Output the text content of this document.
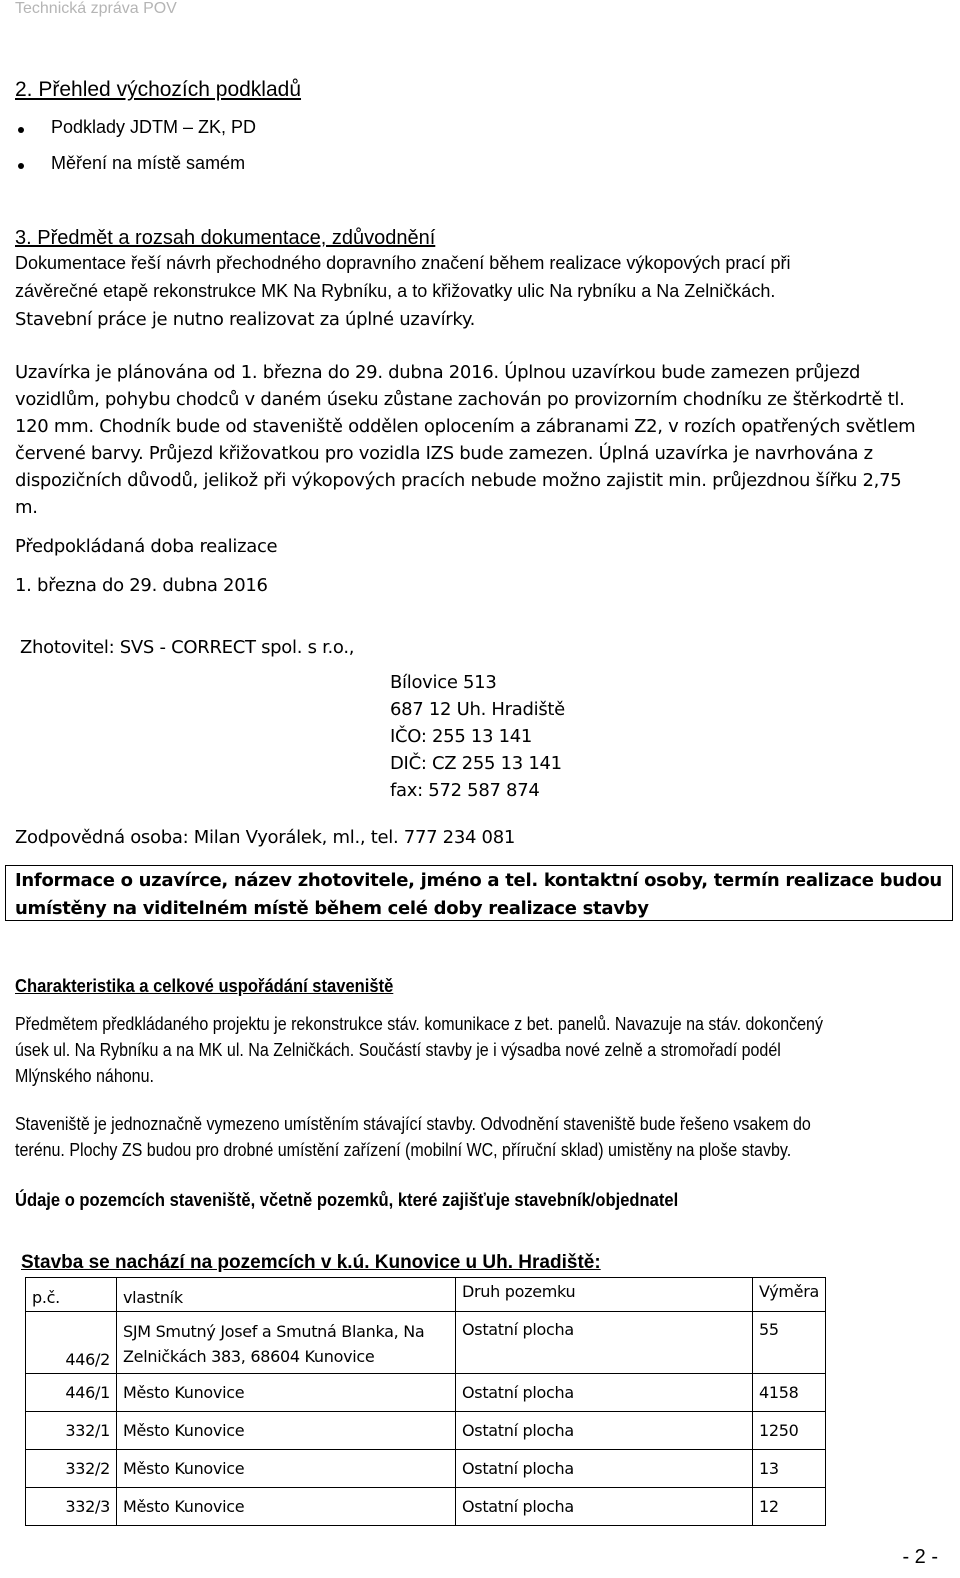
Technická zpráva POV
2. Přehled výchozích podkladů
Podklady JDTM – ZK, PD
Měření na místě samém
3. Předmět a rozsah dokumentace, zdůvodnění
Dokumentace řeší návrh přechodného dopravního značení během realizace výkopových prací při
závěrečné etapě rekonstrukce MK Na Rybníku, a to křižovatky ulic Na rybníku a Na Zelničkách.
Stavební práce je nutno realizovat za úplné uzavírky.
Uzavírka je plánována od 1. března do 29. dubna 2016. Úplnou uzavírkou bude zamezen průjezd
vozidlům, pohybu chodců v daném úseku zůstane zachován po provizorním chodníku ze štěrkodrtě tl.
120 mm. Chodník bude od staveniště oddělen oplocením a zábranami Z2, v rozích opatřených světlem
červené barvy. Průjezd křižovatkou pro vozidla IZS bude zamezen. Úplná uzavírka je navrhována z
dispozičních důvodů, jelikož při výkopových pracích nebude možno zajistit min. průjezdnou šířku 2,75
m.
Předpokládaná doba realizace
1. března do 29. dubna 2016
Zhotovitel: SVS - CORRECT spol. s r.o.,
Bílovice 513
687 12 Uh. Hradiště
IČO: 255 13 141
DIČ: CZ 255 13 141
fax: 572 587 874
Zodpovědná osoba: Milan Vyorálek, ml., tel. 777 234 081
Informace o uzavírce, název zhotovitele, jméno a tel. kontaktní osoby, termín realizace budou
umístěny na viditelném místě během celé doby realizace stavby
Charakteristika a celkové uspořádání staveniště
Předmětem předkládaného projektu je rekonstrukce stáv. komunikace z bet. panelů. Navazuje na stáv. dokončený
úsek ul. Na Rybníku a na MK ul. Na Zelničkách. Součástí stavby je i výsadba nové zelně a stromořadí podél
Mlýnského náhonu.
Staveniště je jednoznačně vymezeno umístěním stávající stavby. Odvodnění staveniště bude řešeno vsakem do
terénu. Plochy ZS budou pro drobné umístění zařízení (mobilní WC, příruční sklad) umistěny na ploše stavby.
Údaje o pozemcích staveniště, včetně pozemků, které zajišťuje stavebník/objednatel
Stavba se nachází na pozemcích v k.ú. Kunovice u Uh. Hradiště:
p.č.	vlastník	Druh pozemku	Výměra
446/2	SJM Smutný Josef a Smutná Blanka, Na
Zelničkách 383, 68604 Kunovice	Ostatní plocha	55
446/1	Město Kunovice	Ostatní plocha	4158
332/1	Město Kunovice	Ostatní plocha	1250
332/2	Město Kunovice	Ostatní plocha	13
332/3	Město Kunovice	Ostatní plocha	12
- 2 -
